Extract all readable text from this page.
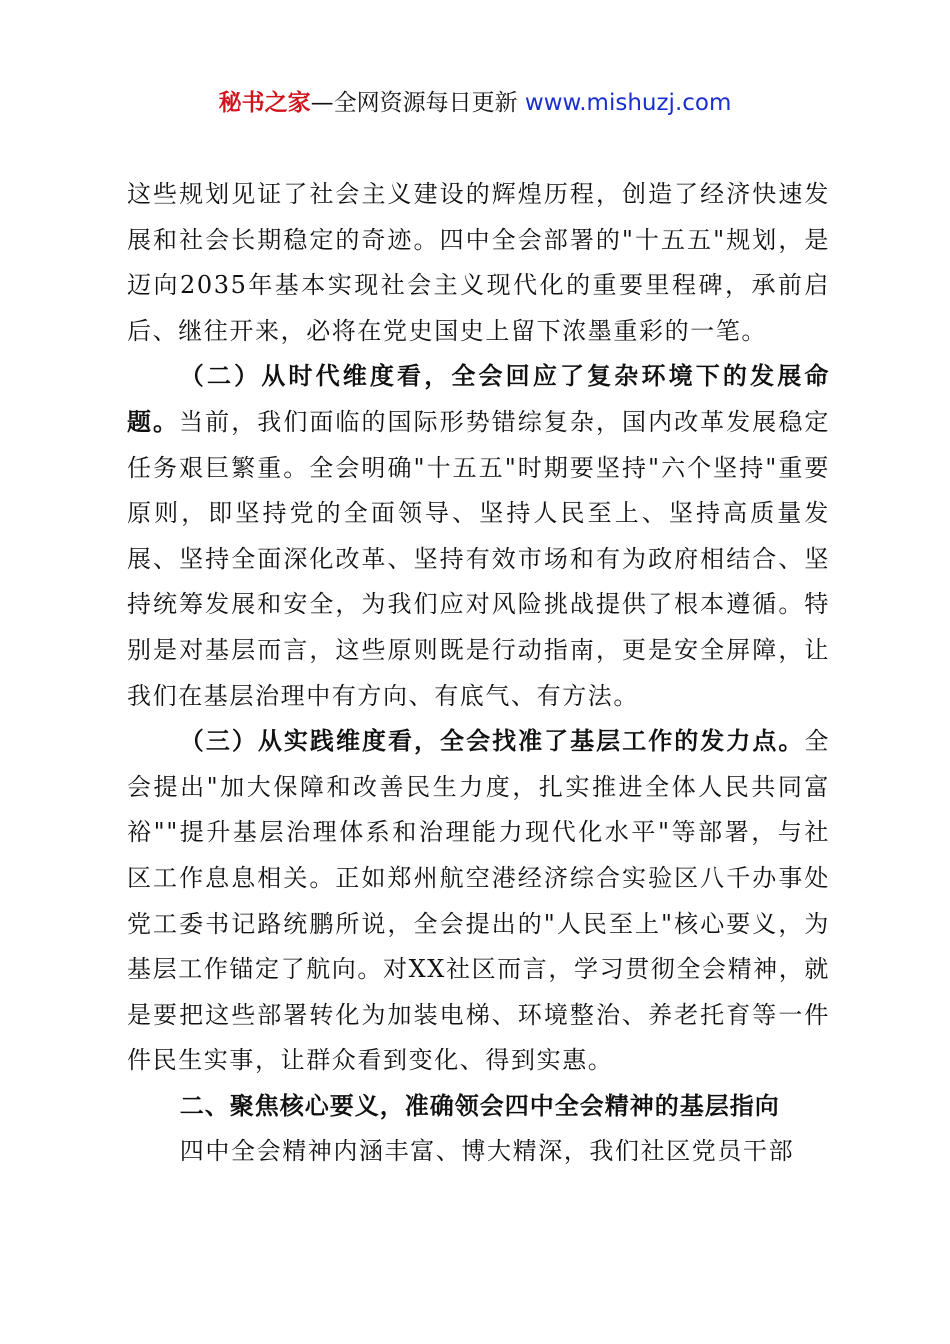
秘书之家—全网资源每日更新 www.mishuzj.com

这些规划见证了社会主义建设的辉煌历程，创造了经济快速发展和社会长期稳定的奇迹。四中全会部署的"十五五"规划，是迈向2035年基本实现社会主义现代化的重要里程碑，承前启后、继往开来，必将在党史国史上留下浓墨重彩的一笔。

（二）从时代维度看，全会回应了复杂环境下的发展命题。当前，我们面临的国际形势错综复杂，国内改革发展稳定任务艰巨繁重。全会明确"十五五"时期要坚持"六个坚持"重要原则，即坚持党的全面领导、坚持人民至上、坚持高质量发展、坚持全面深化改革、坚持有效市场和有为政府相结合、坚持统筹发展和安全，为我们应对风险挑战提供了根本遵循。特别是对基层而言，这些原则既是行动指南，更是安全屏障，让我们在基层治理中有方向、有底气、有方法。

（三）从实践维度看，全会找准了基层工作的发力点。全会提出"加大保障和改善民生力度，扎实推进全体人民共同富裕""提升基层治理体系和治理能力现代化水平"等部署，与社区工作息息相关。正如郑州航空港经济综合实验区八千办事处党工委书记路统鹏所说，全会提出的"人民至上"核心要义，为基层工作锚定了航向。对XX社区而言，学习贯彻全会精神，就是要把这些部署转化为加装电梯、环境整治、养老托育等一件件民生实事，让群众看到变化、得到实惠。

二、聚焦核心要义，准确领会四中全会精神的基层指向

四中全会精神内涵丰富、博大精深，我们社区党员干部
